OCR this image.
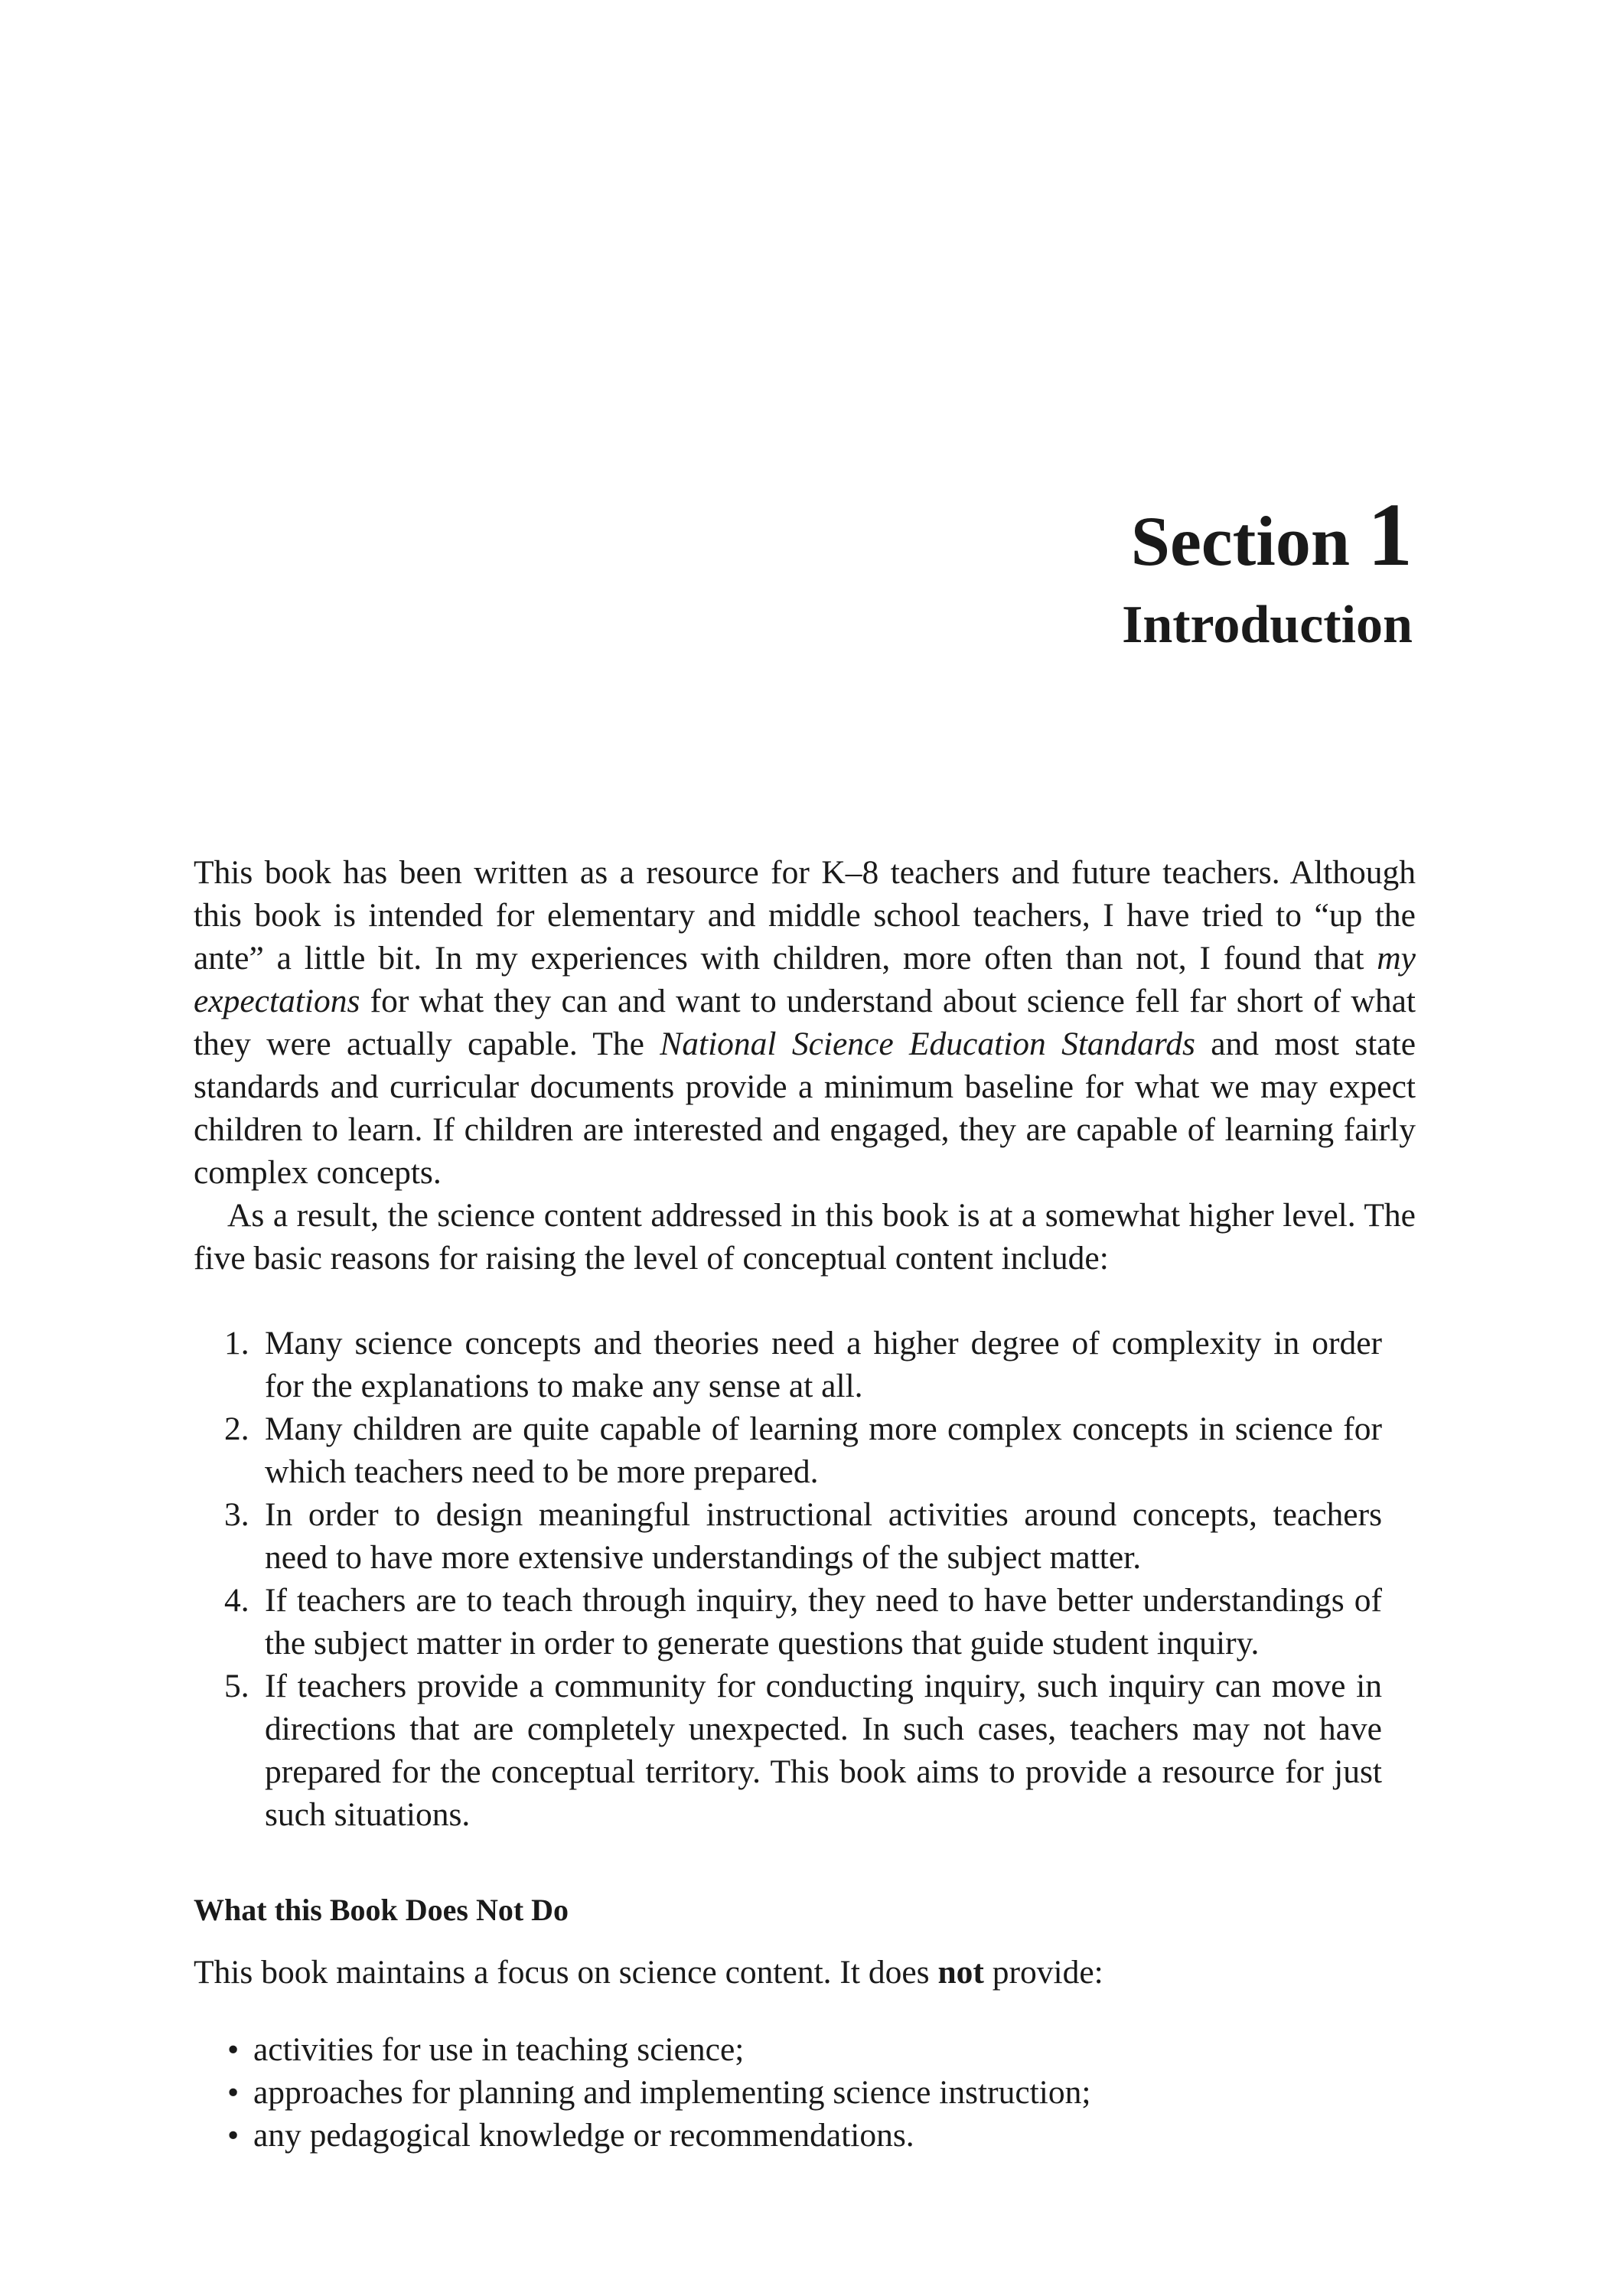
Section 1
Introduction

This book has been written as a resource for K–8 teachers and future teachers. Although this book is intended for elementary and middle school teachers, I have tried to “up the ante” a little bit. In my experiences with children, more often than not, I found that my expectations for what they can and want to understand about science fell far short of what they were actually capable. The National Science Education Standards and most state standards and curricular documents provide a minimum baseline for what we may expect children to learn. If children are interested and engaged, they are capable of learning fairly complex concepts.

As a result, the science content addressed in this book is at a somewhat higher level. The five basic reasons for raising the level of conceptual content include:

1. Many science concepts and theories need a higher degree of complexity in order for the explanations to make any sense at all.
2. Many children are quite capable of learning more complex concepts in science for which teachers need to be more prepared.
3. In order to design meaningful instructional activities around concepts, teachers need to have more extensive understandings of the subject matter.
4. If teachers are to teach through inquiry, they need to have better understandings of the subject matter in order to generate questions that guide student inquiry.
5. If teachers provide a community for conducting inquiry, such inquiry can move in directions that are completely unexpected. In such cases, teachers may not have prepared for the conceptual territory. This book aims to provide a resource for just such situations.

What this Book Does Not Do

This book maintains a focus on science content. It does not provide:

• activities for use in teaching science;
• approaches for planning and implementing science instruction;
• any pedagogical knowledge or recommendations.
